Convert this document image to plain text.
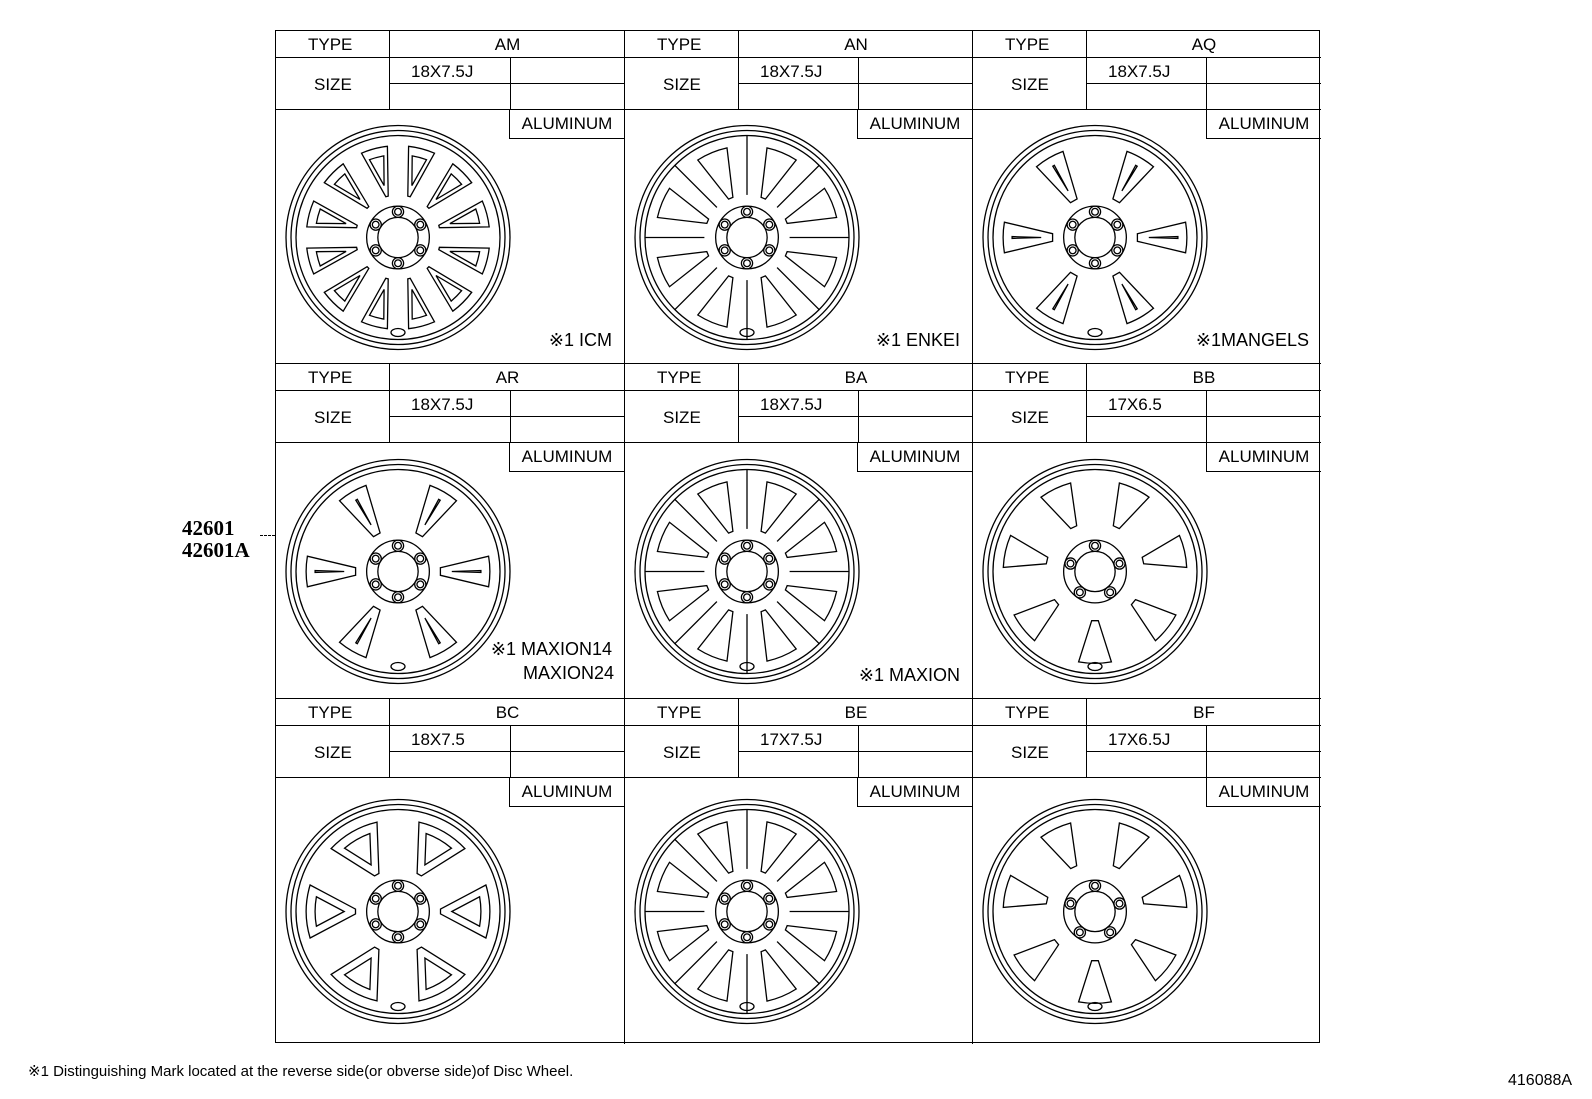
TYPE	AM
SIZE
18X7.5J
ALUMINUM
※1 ICM
TYPE	AN
SIZE
18X7.5J
ALUMINUM
※1 ENKEI
TYPE	AQ
SIZE
18X7.5J
ALUMINUM
※1MANGELS
TYPE	AR
SIZE
18X7.5J
ALUMINUM
※1 MAXION14
MAXION24
TYPE	BA
SIZE
18X7.5J
ALUMINUM
※1 MAXION
TYPE	BB
SIZE
17X6.5
ALUMINUM
TYPE	BC
SIZE
18X7.5
ALUMINUM
TYPE	BE
SIZE
17X7.5J
ALUMINUM
TYPE	BF
SIZE
17X6.5J
ALUMINUM
42601
42601A
※1 Distinguishing Mark located at the reverse side(or obverse side)of Disc Wheel.
416088A
